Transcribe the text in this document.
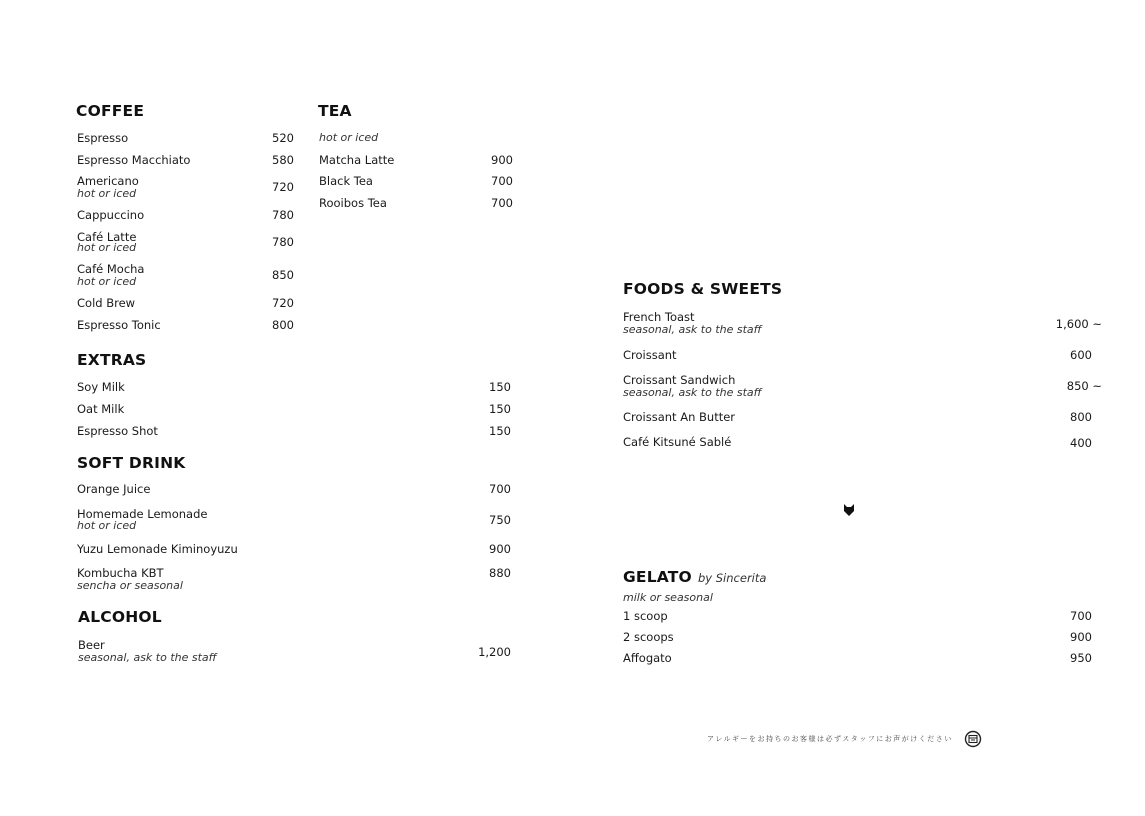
COFFEE
Espresso	520
Espresso Macchiato	580
Americano
hot or iced	720
Cappuccino	780
Café Latte
hot or iced	780
Café Mocha
hot or iced	850
Cold Brew	720
Espresso Tonic	800
TEA
hot or iced
Matcha Latte	900
Black Tea	700
Rooibos Tea	700
EXTRAS
Soy Milk	150
Oat Milk	150
Espresso Shot	150
SOFT DRINK
Orange Juice	700
Homemade Lemonade
hot or iced	750
Yuzu Lemonade Kiminoyuzu	900
Kombucha KBT
sencha or seasonal
880
ALCOHOL
Beer
seasonal, ask to the staff	1,200
FOODS & SWEETS
French Toast
seasonal, ask to the staff	1,600 ~
Croissant	600
Croissant Sandwich
seasonal, ask to the staff	850 ~
Croissant An Butter	800
Café Kitsuné Sablé	400
GELATO by Sincerita
milk or seasonal
1 scoop	700
2 scoops	900
Affogato	950
アレルギーをお持ちのお客様は必ずスタッフにお声がけください
